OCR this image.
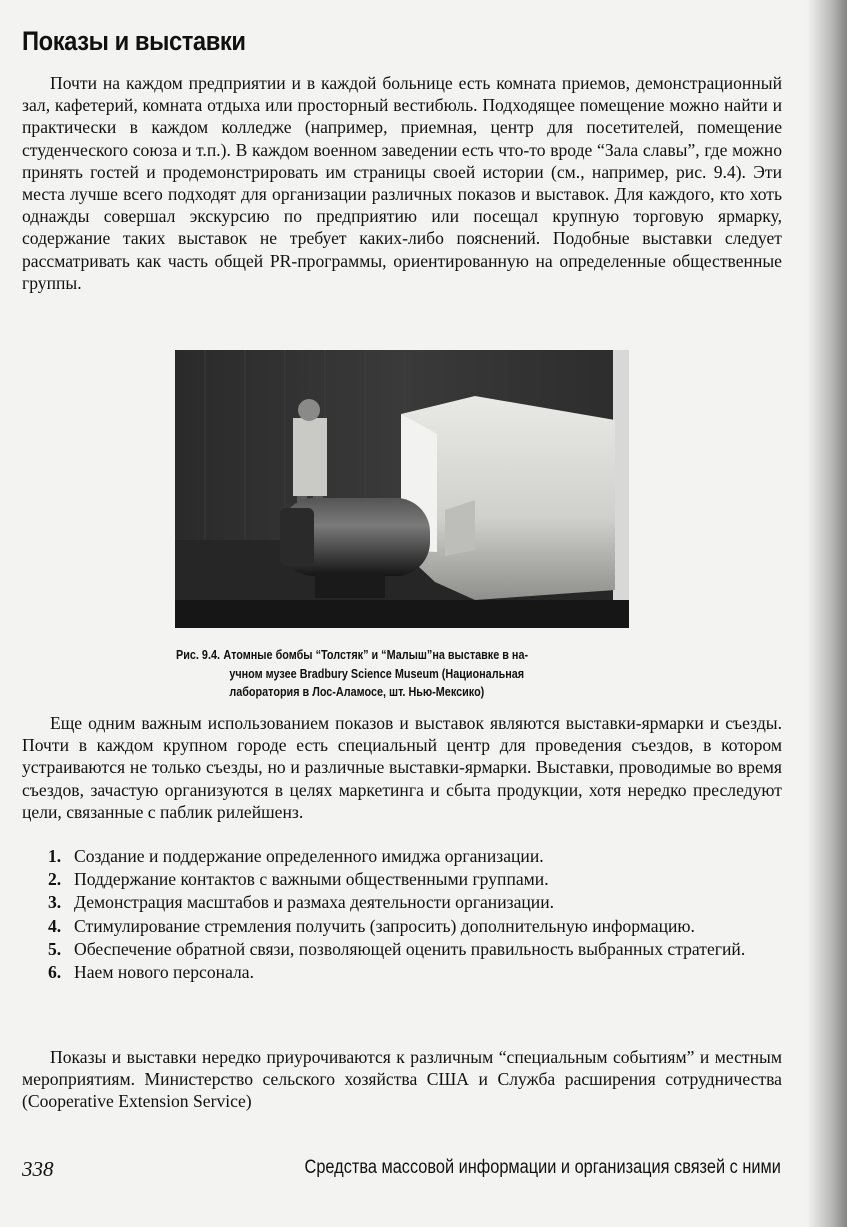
Показы и выставки

Почти на каждом предприятии и в каждой больнице есть комната приемов, демонстрационный зал, кафетерий, комната отдыха или просторный вестибюль. Подходящее помещение можно найти и практически в каждом колледже (например, приемная, центр для посетителей, помещение студенческого союза и т.п.). В каждом военном заведении есть что-то вроде “Зала славы”, где можно принять гостей и продемонстрировать им страницы своей истории (см., например, рис. 9.4). Эти места лучше всего подходят для организации различных показов и выставок. Для каждого, кто хоть однажды совершал экскурсию по предприятию или посещал крупную торговую ярмарку, содержание таких выставок не требует каких-либо пояснений. Подобные выставки следует рассматривать как часть общей PR-программы, ориентированную на определенные общественные группы.

Рис. 9.4. Атомные бомбы “Толстяк” и “Малыш”на выставке в на-
учном музее Bradbury Science Museum (Национальная
лаборатория в Лос-Аламосе, шт. Нью-Мексико)

Еще одним важным использованием показов и выставок являются выставки-ярмарки и съезды. Почти в каждом крупном городе есть специальный центр для проведения съездов, в котором устраиваются не только съезды, но и различные выставки-ярмарки. Выставки, проводимые во время съездов, зачастую организуются в целях маркетинга и сбыта продукции, хотя нередко преследуют цели, связанные с паблик рилейшенз.

1. Создание и поддержание определенного имиджа организации.
2. Поддержание контактов с важными общественными группами.
3. Демонстрация масштабов и размаха деятельности организации.
4. Стимулирование стремления получить (запросить) дополнительную информацию.
5. Обеспечение обратной связи, позволяющей оценить правильность выбранных стратегий.
6. Наем нового персонала.

Показы и выставки нередко приурочиваются к различным “специальным событиям” и местным мероприятиям. Министерство сельского хозяйства США и Служба расширения сотрудничества (Cooperative Extension Service)

338	Средства массовой информации и организация связей с ними
